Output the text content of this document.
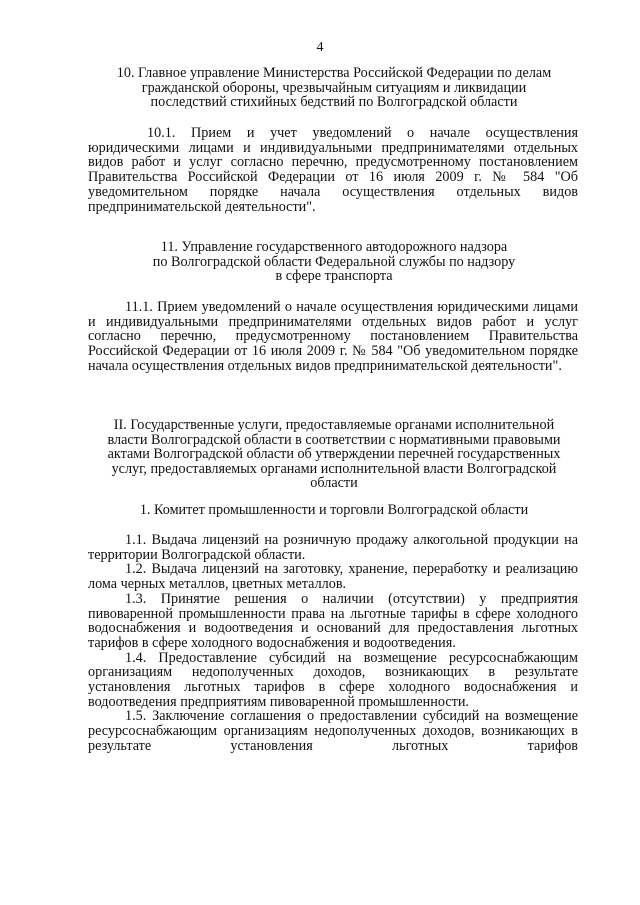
4
10. Главное управление Министерства Российской Федерации по делам
гражданской обороны, чрезвычайным ситуациям и ликвидации
последствий стихийных бедствий по Волгоградской области

10.1. Прием и учет уведомлений о начале осуществления юридическими лицами и индивидуальными предпринимателями отдельных видов работ и услуг согласно перечню, предусмотренному постановлением Правительства Российской Федерации от 16 июля 2009 г. № 584 "Об уведомительном порядке начала осуществления отдельных видов предпринимательской деятельности".

11. Управление государственного автодорожного надзора
по Волгоградской области Федеральной службы по надзору
в сфере транспорта

11.1. Прием уведомлений о начале осуществления юридическими лицами и индивидуальными предпринимателями отдельных видов работ и услуг согласно перечню, предусмотренному постановлением Правительства Российской Федерации от 16 июля 2009 г. № 584 "Об уведомительном порядке начала осуществления отдельных видов предпринимательской деятельности".

II. Государственные услуги, предоставляемые органами исполнительной
власти Волгоградской области в соответствии с нормативными правовыми
актами Волгоградской области об утверждении перечней государственных
услуг, предоставляемых органами исполнительной власти Волгоградской
области
1. Комитет промышленности и торговли Волгоградской области

1.1. Выдача лицензий на розничную продажу алкогольной продукции на территории Волгоградской области.

1.2. Выдача лицензий на заготовку, хранение, переработку и реализацию лома черных металлов, цветных металлов.

1.3. Принятие решения о наличии (отсутствии) у предприятия пивоваренной промышленности права на льготные тарифы в сфере холодного водоснабжения и водоотведения и оснований для предоставления льготных тарифов в сфере холодного водоснабжения и водоотведения.

1.4. Предоставление субсидий на возмещение ресурсоснабжающим организациям недополученных доходов, возникающих в результате установления льготных тарифов в сфере холодного водоснабжения и водоотведения предприятиям пивоваренной промышленности.

1.5. Заключение соглашения о предоставлении субсидий на возмещение ресурсоснабжающим организациям недополученных доходов, возникающих в результате установления льготных тарифов
